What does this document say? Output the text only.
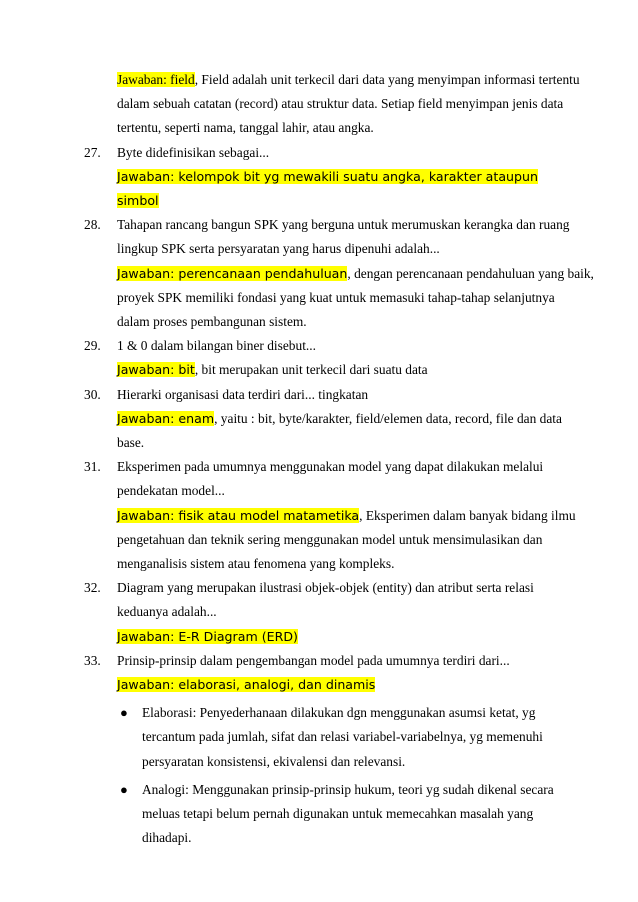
Jawaban: field, Field adalah unit terkecil dari data yang menyimpan informasi tertentu
dalam sebuah catatan (record) atau struktur data. Setiap field menyimpan jenis data
tertentu, seperti nama, tanggal lahir, atau angka.
27. Byte didefinisikan sebagai...
Jawaban: kelompok bit yg mewakili suatu angka, karakter ataupun
simbol
28. Tahapan rancang bangun SPK yang berguna untuk merumuskan kerangka dan ruang
lingkup SPK serta persyaratan yang harus dipenuhi adalah...
Jawaban: perencanaan pendahuluan, dengan perencanaan pendahuluan yang baik,
proyek SPK memiliki fondasi yang kuat untuk memasuki tahap-tahap selanjutnya
dalam proses pembangunan sistem.
29. 1 & 0 dalam bilangan biner disebut...
Jawaban: bit, bit merupakan unit terkecil dari suatu data
30. Hierarki organisasi data terdiri dari... tingkatan
Jawaban: enam, yaitu : bit, byte/karakter, field/elemen data, record, file dan data
base.
31. Eksperimen pada umumnya menggunakan model yang dapat dilakukan melalui
pendekatan model...
Jawaban: fisik atau model matametika, Eksperimen dalam banyak bidang ilmu
pengetahuan dan teknik sering menggunakan model untuk mensimulasikan dan
menganalisis sistem atau fenomena yang kompleks.
32. Diagram yang merupakan ilustrasi objek-objek (entity) dan atribut serta relasi
keduanya adalah...
Jawaban: E-R Diagram (ERD)
33. Prinsip-prinsip dalam pengembangan model pada umumnya terdiri dari...
Jawaban: elaborasi, analogi, dan dinamis
● Elaborasi: Penyederhanaan dilakukan dgn menggunakan asumsi ketat, yg
tercantum pada jumlah, sifat dan relasi variabel-variabelnya, yg memenuhi
persyaratan konsistensi, ekivalensi dan relevansi.
● Analogi: Menggunakan prinsip-prinsip hukum, teori yg sudah dikenal secara
meluas tetapi belum pernah digunakan untuk memecahkan masalah yang
dihadapi.
